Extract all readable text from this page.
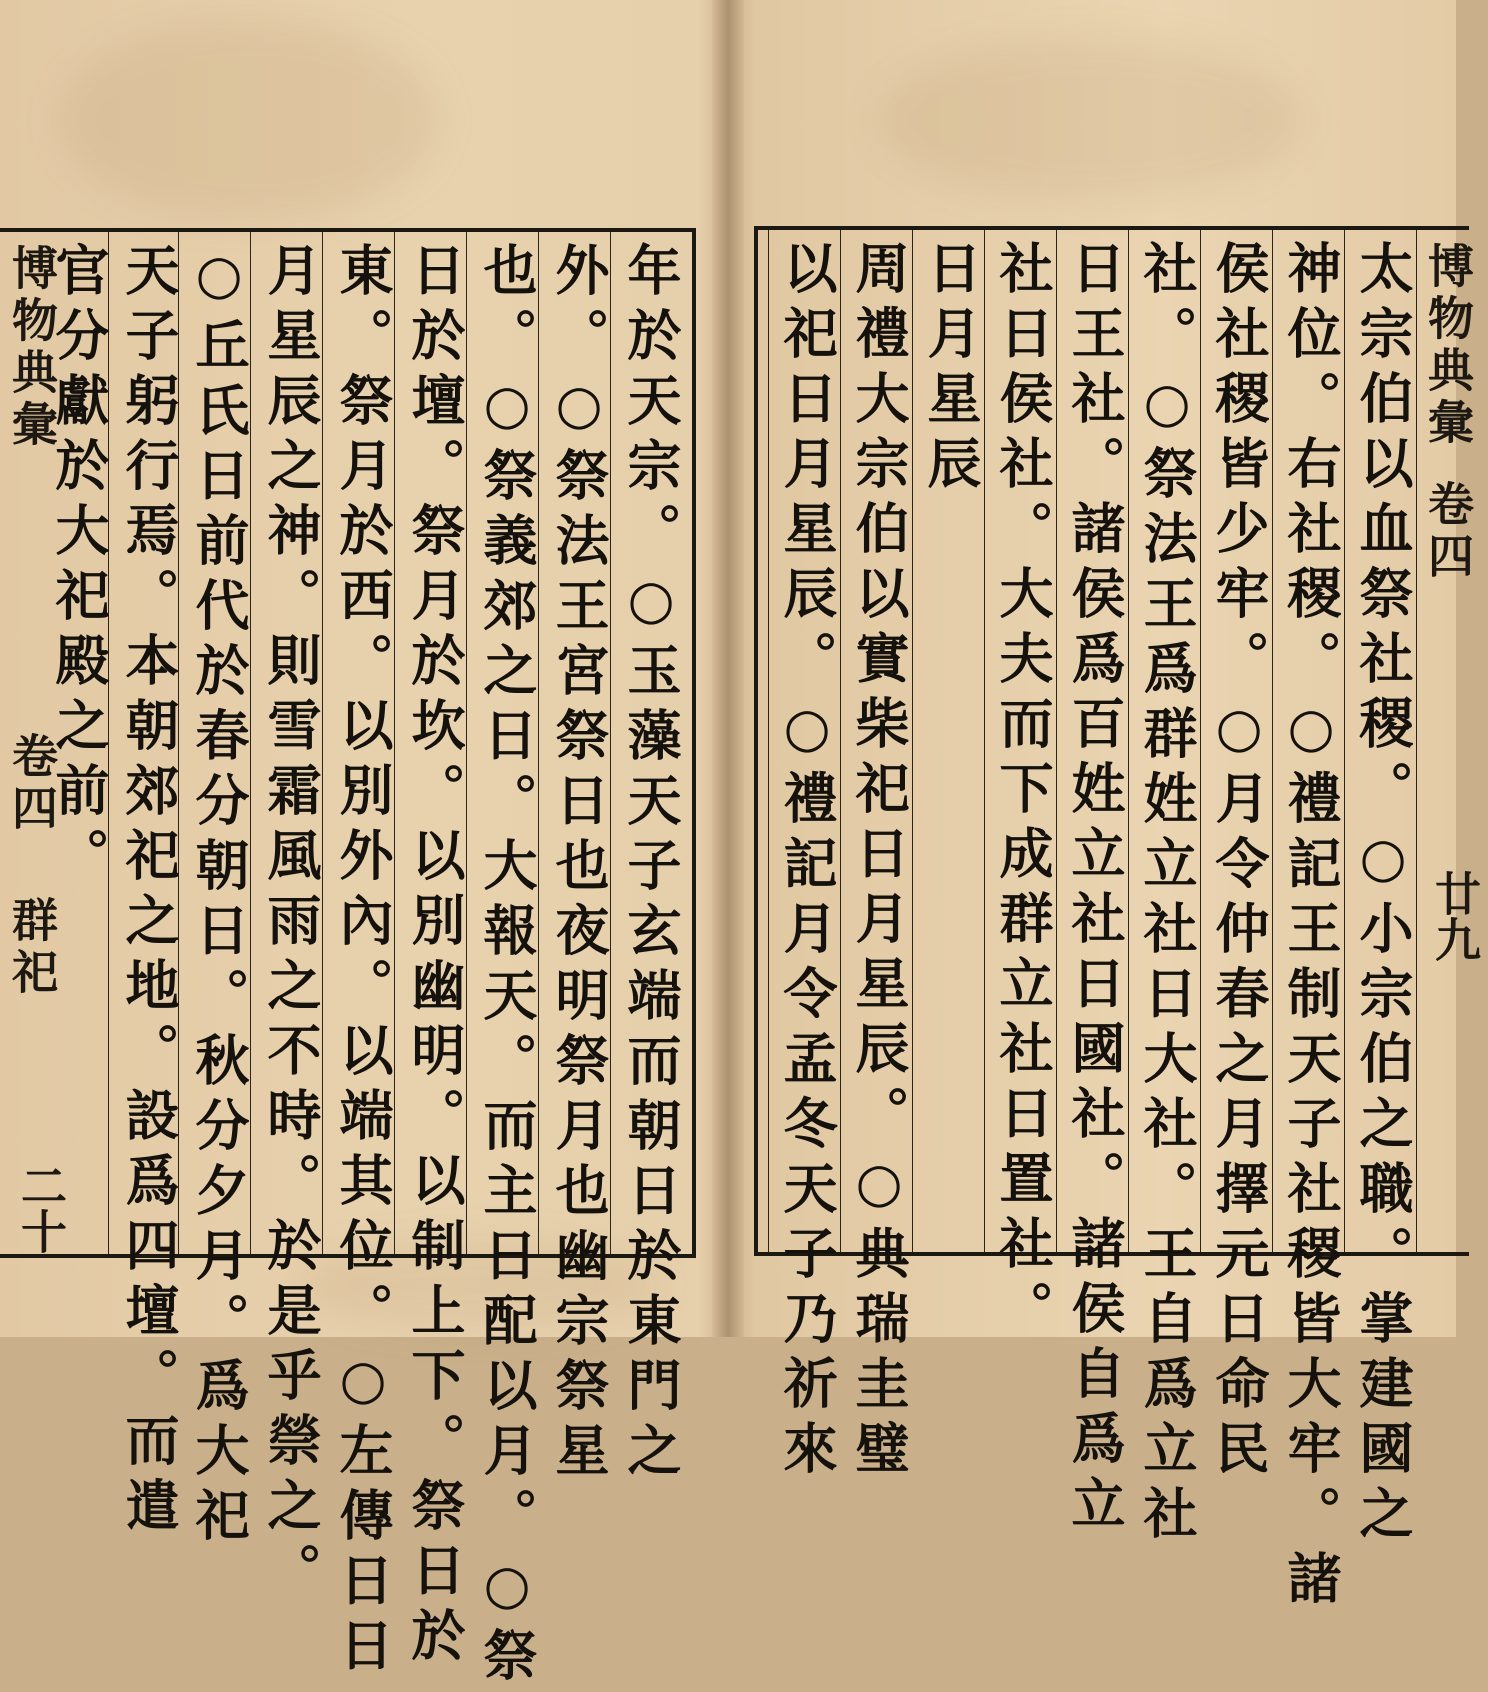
博物典彙
卷四 群祀
二十	年於天宗。○玉藻天子玄端而朝日於東門之
外。○祭法王宮祭日也夜明祭月也幽宗祭星
也。○祭義郊之日。大報天。而主日配以月。○祭
日於壇。祭月於坎。以別幽明。以制上下。祭日於
東。祭月於西。以別外內。以端其位。○左傳日日
月星辰之神。則雪霜風雨之不時。於是乎禜之。
○丘氏日前代於春分朝日。秋分夕月。爲大祀
天子躬行焉。本朝郊祀之地。設爲四壇。而遣
官分獻於大祀殿之前。	博物典彙
卷四
廿九
太宗伯以血祭社稷。○小宗伯之職。掌建國之
神位。右社稷。○禮記王制天子社稷皆大牢。諸
侯社稷皆少牢。○月令仲春之月擇元日命民
社。○祭法王爲群姓立社日大社。王自爲立社
日王社。諸侯爲百姓立社日國社。諸侯自爲立
社日侯社。大夫而下成群立社日置社。
日月星辰
周禮大宗伯以實柴祀日月星辰。○典瑞圭璧
以祀日月星辰。○禮記月令孟冬天子乃祈來
